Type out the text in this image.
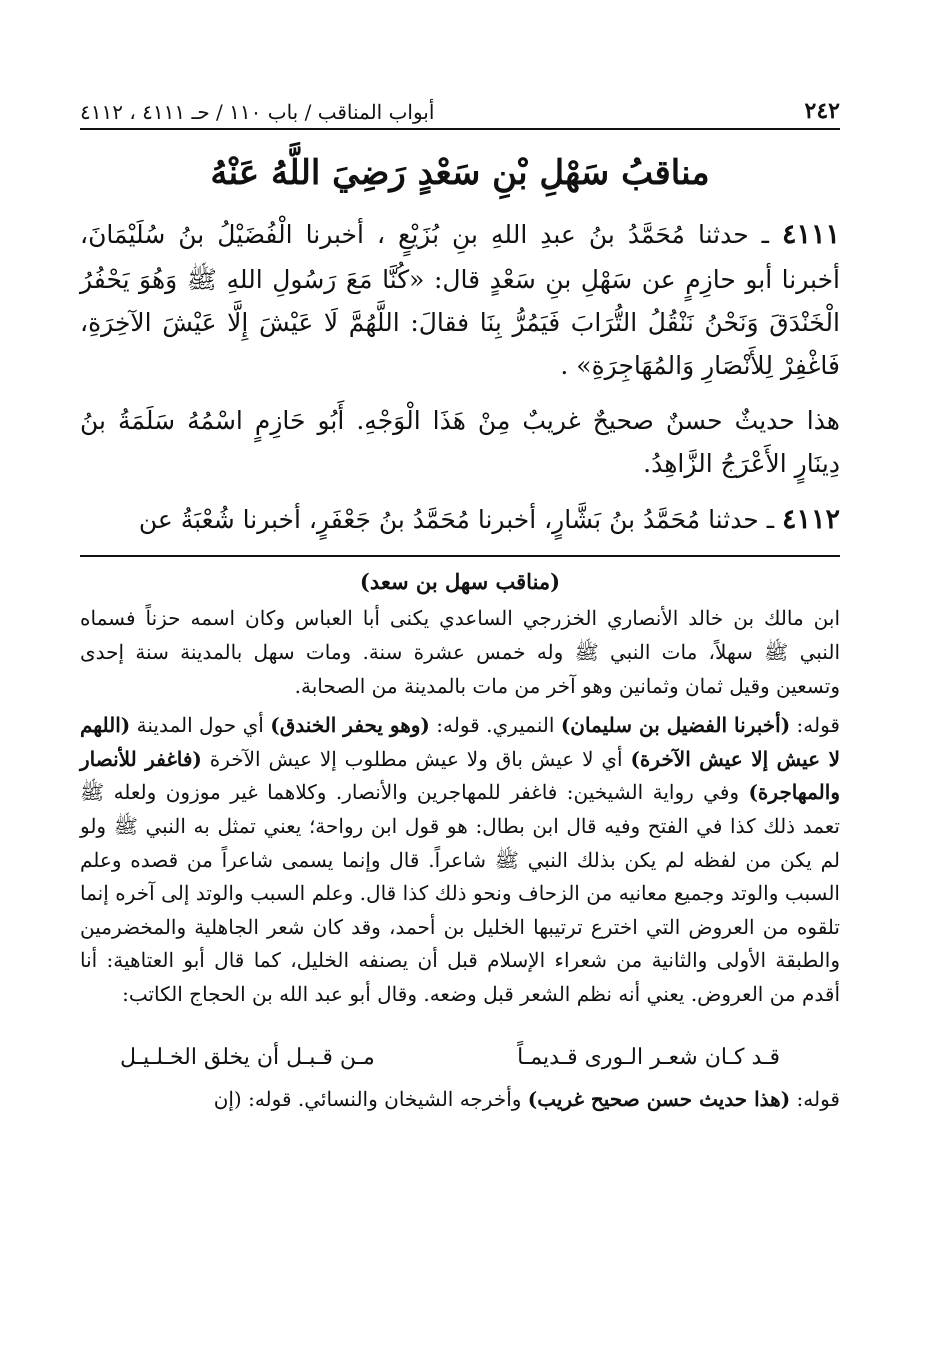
٢٤٢
أبواب المناقب / باب ١١٠ / حـ ٤١١١ ، ٤١١٢
مناقبُ سَهْلِ بْنِ سَعْدٍ رَضِيَ اللَّهُ عَنْهُ

٤١١١ ـ حدثنا مُحَمَّدُ بنُ عبدِ اللهِ بنِ بُزَيْعٍ ، أخبرنا الْفُضَيْلُ بنُ سُلَيْمَانَ، أخبرنا أبو حازِمٍ عن سَهْلِ بنِ سَعْدٍ قال: «كُنَّا مَعَ رَسُولِ اللهِ ﷺ وَهُوَ يَحْفُرُ الْخَنْدَقَ وَنَحْنُ نَنْقُلُ التُّرَابَ فَيَمُرُّ بِنَا فقالَ: اللَّهُمَّ لَا عَيْشَ إِلَّا عَيْشَ الآخِرَةِ، فَاغْفِرْ لِلأَنْصَارِ وَالمُهَاجِرَةِ» .

هذا حديثٌ حسنٌ صحيحٌ غريبٌ مِنْ هَذَا الْوَجْهِ. أَبُو حَازِمٍ اسْمُهُ سَلَمَةُ بنُ دِينَارٍ الأَعْرَجُ الزَّاهِدُ.

٤١١٢ ـ حدثنا مُحَمَّدُ بنُ بَشَّارٍ، أخبرنا مُحَمَّدُ بنُ جَعْفَرٍ، أخبرنا شُعْبَةُ عن

(مناقب سهل بن سعد)

ابن مالك بن خالد الأنصاري الخزرجي الساعدي يكنى أبا العباس وكان اسمه حزناً فسماه النبي ﷺ سهلاً، مات النبي ﷺ وله خمس عشرة سنة. ومات سهل بالمدينة سنة إحدى وتسعين وقيل ثمان وثمانين وهو آخر من مات بالمدينة من الصحابة.

قوله: (أخبرنا الفضيل بن سليمان) النميري. قوله: (وهو يحفر الخندق) أي حول المدينة (اللهم لا عيش إلا عيش الآخرة) أي لا عيش باق ولا عيش مطلوب إلا عيش الآخرة (فاغفر للأنصار والمهاجرة) وفي رواية الشيخين: فاغفر للمهاجرين والأنصار. وكلاهما غير موزون ولعله ﷺ تعمد ذلك كذا في الفتح وفيه قال ابن بطال: هو قول ابن رواحة؛ يعني تمثل به النبي ﷺ ولو لم يكن من لفظه لم يكن بذلك النبي ﷺ شاعراً. قال وإنما يسمى شاعراً من قصده وعلم السبب والوتد وجميع معانيه من الزحاف ونحو ذلك كذا قال. وعلم السبب والوتد إلى آخره إنما تلقوه من العروض التي اخترع ترتيبها الخليل بن أحمد، وقد كان شعر الجاهلية والمخضرمين والطبقة الأولى والثانية من شعراء الإسلام قبل أن يصنفه الخليل، كما قال أبو العتاهية: أنا أقدم من العروض. يعني أنه نظم الشعر قبل وضعه. وقال أبو عبد الله بن الحجاج الكاتب:

قـد كـان شعـر الـورى قـديمـاً
مـن قـبـل أن يخلق الخـلـيـل

قوله: (هذا حديث حسن صحيح غريب) وأخرجه الشيخان والنسائي. قوله: (إن
